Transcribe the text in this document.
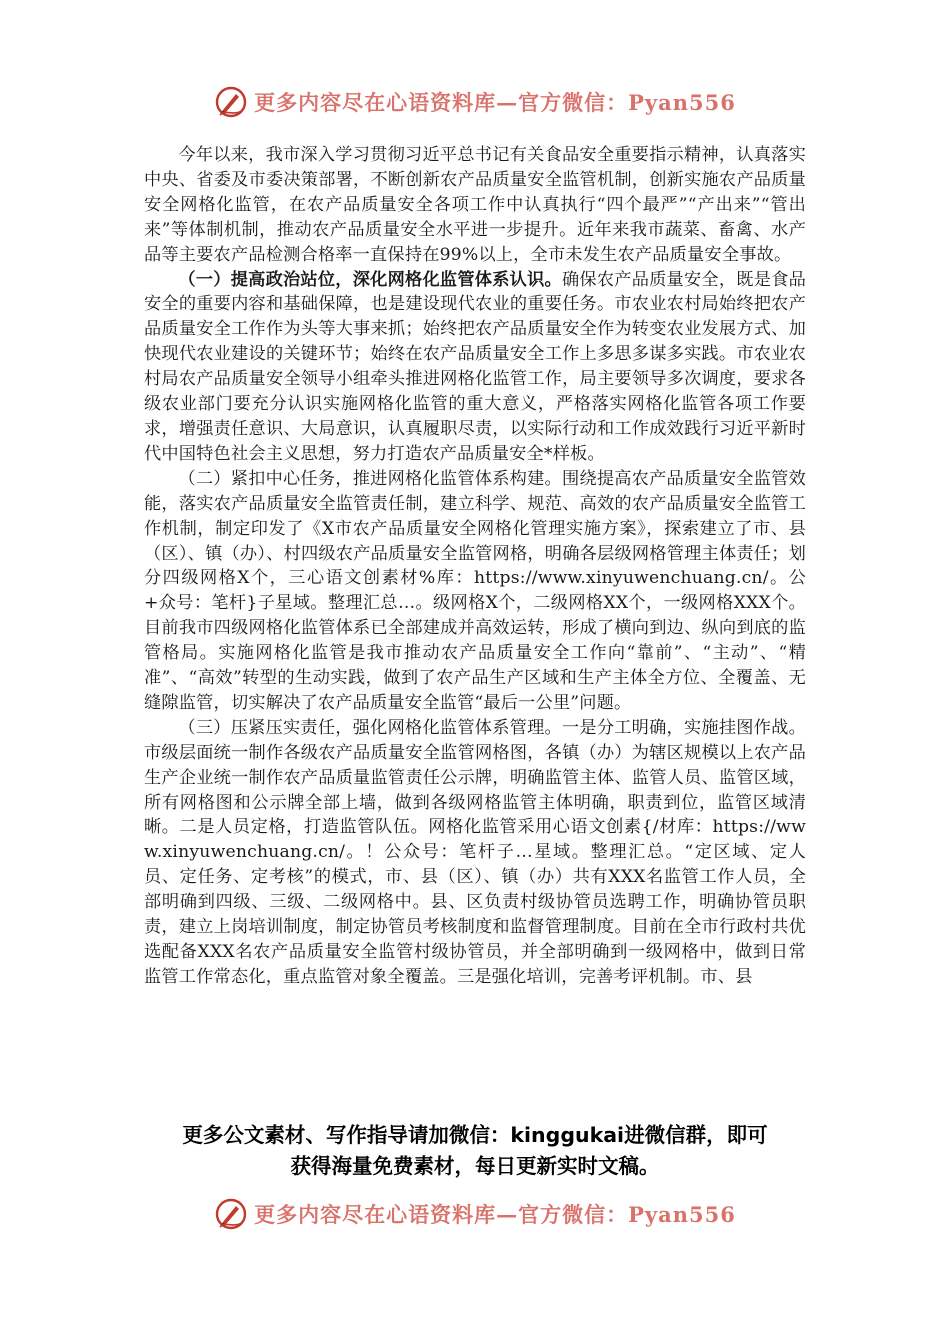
更多内容尽在心语资料库—官方微信：Pyan556

今年以来，我市深入学习贯彻习近平总书记有关食品安全重要指示精神，认真落实中央、省委及市委决策部署，不断创新农产品质量安全监管机制，创新实施农产品质量安全网格化监管，在农产品质量安全各项工作中认真执行“四个最严”“产出来”“管出来”等体制机制，推动农产品质量安全水平进一步提升。近年来我市蔬菜、畜禽、水产品等主要农产品检测合格率一直保持在99%以上，全市未发生农产品质量安全事故。

（一）提高政治站位，深化网格化监管体系认识。确保农产品质量安全，既是食品安全的重要内容和基础保障，也是建设现代农业的重要任务。市农业农村局始终把农产品质量安全工作作为头等大事来抓；始终把农产品质量安全作为转变农业发展方式、加快现代农业建设的关键环节；始终在农产品质量安全工作上多思多谋多实践。市农业农村局农产品质量安全领导小组牵头推进网格化监管工作，局主要领导多次调度，要求各级农业部门要充分认识实施网格化监管的重大意义，严格落实网格化监管各项工作要求，增强责任意识、大局意识，认真履职尽责，以实际行动和工作成效践行习近平新时代中国特色社会主义思想，努力打造农产品质量安全*样板。

（二）紧扣中心任务，推进网格化监管体系构建。围绕提高农产品质量安全监管效能，落实农产品质量安全监管责任制，建立科学、规范、高效的农产品质量安全监管工作机制，制定印发了《X市农产品质量安全网格化管理实施方案》，探索建立了市、县（区）、镇（办）、村四级农产品质量安全监管网格，明确各层级网格管理主体责任；划分四级网格X个，三心语文创素材%库：https://www.xinyuwenchuang.cn/。公+众号：笔杆}子星域。整理汇总…。级网格X个，二级网格XX个，一级网格XXX个。目前我市四级网格化监管体系已全部建成并高效运转，形成了横向到边、纵向到底的监管格局。实施网格化监管是我市推动农产品质量安全工作向“靠前”、“主动”、“精准”、“高效”转型的生动实践，做到了农产品生产区域和生产主体全方位、全覆盖、无缝隙监管，切实解决了农产品质量安全监管“最后一公里”问题。

（三）压紧压实责任，强化网格化监管体系管理。一是分工明确，实施挂图作战。市级层面统一制作各级农产品质量安全监管网格图，各镇（办）为辖区规模以上农产品生产企业统一制作农产品质量监管责任公示牌，明确监管主体、监管人员、监管区域，所有网格图和公示牌全部上墙，做到各级网格监管主体明确，职责到位，监管区域清晰。二是人员定格，打造监管队伍。网格化监管采用心语文创素{/材库：https://www.xinyuwenchuang.cn/。！公众号：笔杆子…星域。整理汇总。“定区域、定人员、定任务、定考核”的模式，市、县（区）、镇（办）共有XXX名监管工作人员，全部明确到四级、三级、二级网格中。县、区负责村级协管员选聘工作，明确协管员职责，建立上岗培训制度，制定协管员考核制度和监督管理制度。目前在全市行政村共优选配备XXX名农产品质量安全监管村级协管员，并全部明确到一级网格中，做到日常监管工作常态化，重点监管对象全覆盖。三是强化培训，完善考评机制。市、县

更多公文素材、写作指导请加微信：kinggukai进微信群，即可
获得海量免费素材，每日更新实时文稿。
更多内容尽在心语资料库—官方微信：Pyan556
